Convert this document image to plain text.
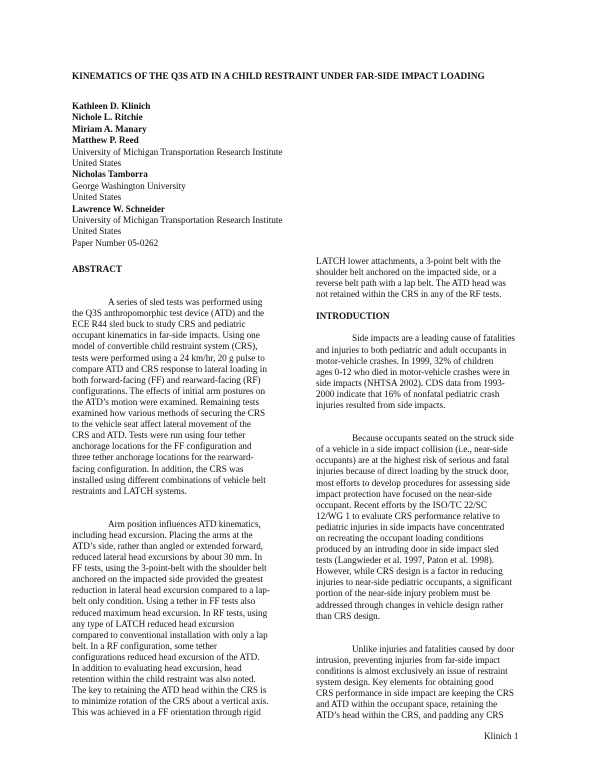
KINEMATICS OF THE Q3S ATD IN A CHILD RESTRAINT UNDER FAR-SIDE IMPACT LOADING
Kathleen D. Klinich
Nichole L. Ritchie
Miriam A. Manary
Matthew P. Reed
University of Michigan Transportation Research Institute
United States
Nicholas Tamborra
George Washington University
United States
Lawrence W. Schneider
University of Michigan Transportation Research Institute
United States
Paper Number 05-0262
ABSTRACT
A series of sled tests was performed using
the Q3S anthropomorphic test device (ATD) and the
ECE R44 sled buck to study CRS and pediatric
occupant kinematics in far-side impacts. Using one
model of convertible child restraint system (CRS),
tests were performed using a 24 km/hr, 20 g pulse to
compare ATD and CRS response to lateral loading in
both forward-facing (FF) and rearward-facing (RF)
configurations. The effects of initial arm postures on
the ATD’s motion were examined. Remaining tests
examined how various methods of securing the CRS
to the vehicle seat affect lateral movement of the
CRS and ATD. Tests were run using four tether
anchorage locations for the FF configuration and
three tether anchorage locations for the rearward-
facing configuration. In addition, the CRS was
installed using different combinations of vehicle belt
restraints and LATCH systems.
Arm position influences ATD kinematics,
including head excursion. Placing the arms at the
ATD’s side, rather than angled or extended forward,
reduced lateral head excursions by about 30 mm. In
FF tests, using the 3-point-belt with the shoulder belt
anchored on the impacted side provided the greatest
reduction in lateral head excursion compared to a lap-
belt only condition. Using a tether in FF tests also
reduced maximum head excursion. In RF tests, using
any type of LATCH reduced head excursion
compared to conventional installation with only a lap
belt. In a RF configuration, some tether
configurations reduced head excursion of the ATD.
In addition to evaluating head excursion, head
retention within the child restraint was also noted.
The key to retaining the ATD head within the CRS is
to minimize rotation of the CRS about a vertical axis.
This was achieved in a FF orientation through rigid
LATCH lower attachments, a 3-point belt with the
shoulder belt anchored on the impacted side, or a
reverse belt path with a lap belt. The ATD head was
not retained within the CRS in any of the RF tests.
INTRODUCTION
Side impacts are a leading cause of fatalities
and injuries to both pediatric and adult occupants in
motor-vehicle crashes. In 1999, 32% of children
ages 0-12 who died in motor-vehicle crashes were in
side impacts (NHTSA 2002). CDS data from 1993-
2000 indicate that 16% of nonfatal pediatric crash
injuries resulted from side impacts.
Because occupants seated on the struck side
of a vehicle in a side impact collision (i.e., near-side
occupants) are at the highest risk of serious and fatal
injuries because of direct loading by the struck door,
most efforts to develop procedures for assessing side
impact protection have focused on the near-side
occupant. Recent efforts by the ISO/TC 22/SC
12/WG 1 to evaluate CRS performance relative to
pediatric injuries in side impacts have concentrated
on recreating the occupant loading conditions
produced by an intruding door in side impact sled
tests (Langwieder et al. 1997, Paton et al. 1998).
However, while CRS design is a factor in reducing
injuries to near-side pediatric occupants, a significant
portion of the near-side injury problem must be
addressed through changes in vehicle design rather
than CRS design.
Unlike injuries and fatalities caused by door
intrusion, preventing injuries from far-side impact
conditions is almost exclusively an issue of restraint
system design. Key elements for obtaining good
CRS performance in side impact are keeping the CRS
and ATD within the occupant space, retaining the
ATD’s head within the CRS, and padding any CRS
Klinich 1
